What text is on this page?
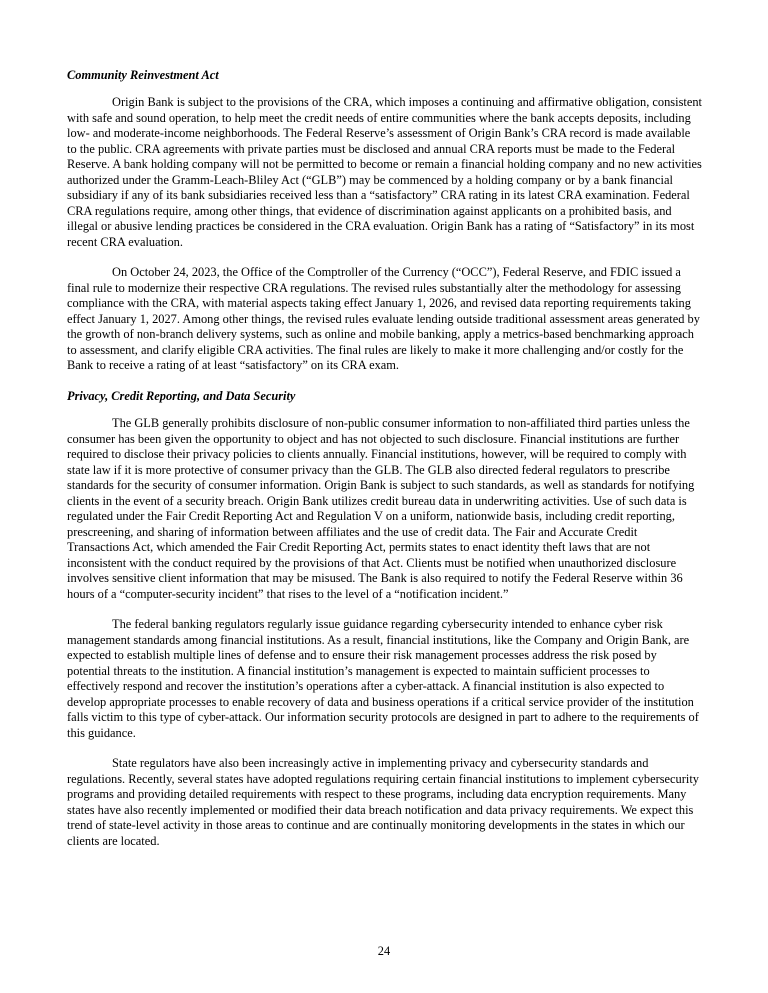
Community Reinvestment Act

Origin Bank is subject to the provisions of the CRA, which imposes a continuing and affirmative obligation, consistent with safe and sound operation, to help meet the credit needs of entire communities where the bank accepts deposits, including low- and moderate-income neighborhoods. The Federal Reserve’s assessment of Origin Bank’s CRA record is made available to the public. CRA agreements with private parties must be disclosed and annual CRA reports must be made to the Federal Reserve. A bank holding company will not be permitted to become or remain a financial holding company and no new activities authorized under the Gramm-Leach-Bliley Act (“GLB”) may be commenced by a holding company or by a bank financial subsidiary if any of its bank subsidiaries received less than a “satisfactory” CRA rating in its latest CRA examination. Federal CRA regulations require, among other things, that evidence of discrimination against applicants on a prohibited basis, and illegal or abusive lending practices be considered in the CRA evaluation. Origin Bank has a rating of “Satisfactory” in its most recent CRA evaluation.

On October 24, 2023, the Office of the Comptroller of the Currency (“OCC”), Federal Reserve, and FDIC issued a final rule to modernize their respective CRA regulations. The revised rules substantially alter the methodology for assessing compliance with the CRA, with material aspects taking effect January 1, 2026, and revised data reporting requirements taking effect January 1, 2027. Among other things, the revised rules evaluate lending outside traditional assessment areas generated by the growth of non-branch delivery systems, such as online and mobile banking, apply a metrics-based benchmarking approach to assessment, and clarify eligible CRA activities. The final rules are likely to make it more challenging and/or costly for the Bank to receive a rating of at least “satisfactory” on its CRA exam.

Privacy, Credit Reporting, and Data Security

The GLB generally prohibits disclosure of non-public consumer information to non-affiliated third parties unless the consumer has been given the opportunity to object and has not objected to such disclosure. Financial institutions are further required to disclose their privacy policies to clients annually. Financial institutions, however, will be required to comply with state law if it is more protective of consumer privacy than the GLB. The GLB also directed federal regulators to prescribe standards for the security of consumer information. Origin Bank is subject to such standards, as well as standards for notifying clients in the event of a security breach. Origin Bank utilizes credit bureau data in underwriting activities. Use of such data is regulated under the Fair Credit Reporting Act and Regulation V on a uniform, nationwide basis, including credit reporting, prescreening, and sharing of information between affiliates and the use of credit data. The Fair and Accurate Credit Transactions Act, which amended the Fair Credit Reporting Act, permits states to enact identity theft laws that are not inconsistent with the conduct required by the provisions of that Act. Clients must be notified when unauthorized disclosure involves sensitive client information that may be misused. The Bank is also required to notify the Federal Reserve within 36 hours of a “computer-security incident” that rises to the level of a “notification incident.”

The federal banking regulators regularly issue guidance regarding cybersecurity intended to enhance cyber risk management standards among financial institutions. As a result, financial institutions, like the Company and Origin Bank, are expected to establish multiple lines of defense and to ensure their risk management processes address the risk posed by potential threats to the institution. A financial institution’s management is expected to maintain sufficient processes to effectively respond and recover the institution’s operations after a cyber-attack. A financial institution is also expected to develop appropriate processes to enable recovery of data and business operations if a critical service provider of the institution falls victim to this type of cyber-attack. Our information security protocols are designed in part to adhere to the requirements of this guidance.

State regulators have also been increasingly active in implementing privacy and cybersecurity standards and regulations. Recently, several states have adopted regulations requiring certain financial institutions to implement cybersecurity programs and providing detailed requirements with respect to these programs, including data encryption requirements. Many states have also recently implemented or modified their data breach notification and data privacy requirements. We expect this trend of state-level activity in those areas to continue and are continually monitoring developments in the states in which our clients are located.

24
